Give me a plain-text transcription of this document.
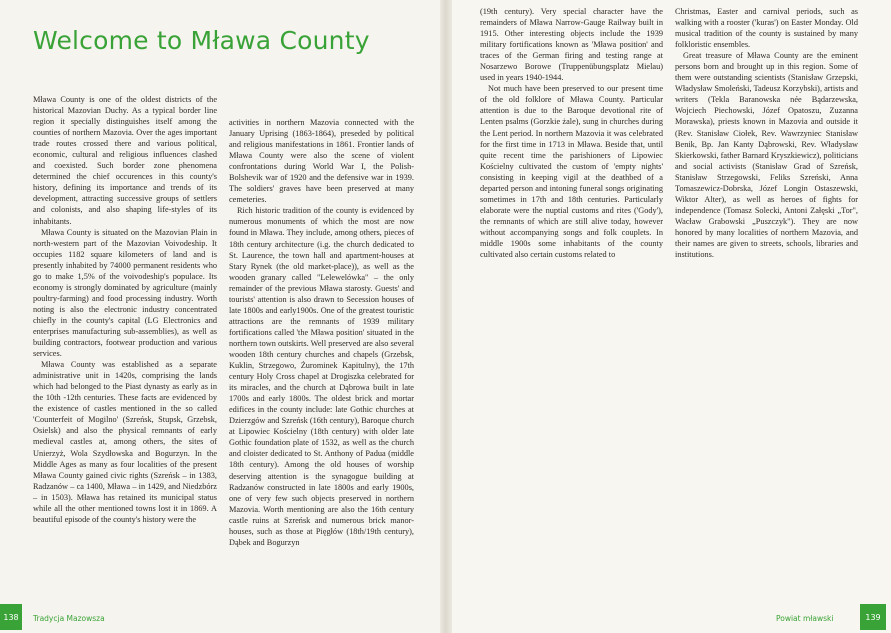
Welcome to Mława County

Mława County is one of the oldest districts of the historical Mazovian Duchy. As a typical border line region it specially distinguishes itself among the counties of northern Mazovia. Over the ages important trade routes crossed there and various political, economic, cultural and religious influences clashed and coexisted. Such border zone phenomena determined the chief occurences in this county's history, defining its importance and trends of its development, attracting successive groups of settlers and colonists, and also shaping life-styles of its inhabitants.

Mława County is situated on the Mazovian Plain in north-western part of the Mazovian Voivodeship. It occupies 1182 square kilometers of land and is presently inhabited by 74000 permanent residents who go to make 1,5% of the voivodeship's populace. Its economy is strongly dominated by agriculture (mainly poultry-farming) and food processing industry. Worth noting is also the electronic industry concentrated chiefly in the county's capital (LG Electronics and enterprises manufacturing sub-assemblies), as well as building contractors, footwear production and various services.

Mława County was established as a separate administrative unit in 1420s, comprising the lands which had belonged to the Piast dynasty as early as in the 10th -12th centuries. These facts are evidenced by the existence of castles mentioned in the so called 'Counterfeit of Mogilno' (Szreńsk, Stupsk, Grzebsk, Osielsk) and also the physical remnants of early medieval castles at, among others, the sites of Unierzyż, Wola Szydłowska and Bogurzyn. In the Middle Ages as many as four localities of the present Mława County gained civic rights (Szreńsk – in 1383, Radzanów – ca 1400, Mława – in 1429, and Niedzbórz – in 1503). Mława has retained its municipal status while all the other mentioned towns lost it in 1869. A beautiful episode of the county's history were the

activities in northern Mazovia connected with the January Uprising (1863-1864), preseded by political and religious manifestations in 1861. Frontier lands of Mława County were also the scene of violent confrontations during World War I, the Polish-Bolshevik war of 1920 and the defensive war in 1939. The soldiers' graves have been preserved at many cemeteries.

Rich historic tradition of the county is evidenced by numerous monuments of which the most are now found in Mława. They include, among others, pieces of 18th century architecture (i.g. the church dedicated to St. Laurence, the town hall and apartment-houses at Stary Rynek (the old market-place)), as well as the wooden granary called "Lelewelówka" – the only remainder of the previous Mława starosty. Guests' and tourists' attention is also drawn to Secession houses of late 1800s and early1900s. One of the greatest touristic attractions are the remnants of 1939 military fortifications called 'the Mława position' situated in the northern town outskirts. Well preserved are also several wooden 18th century churches and chapels (Grzebsk, Kuklin, Strzegowo, Żurominek Kapitulny), the 17th century Holy Cross chapel at Drogiszka celebrated for its miracles, and the church at Dąbrowa built in late 1700s and early 1800s. The oldest brick and mortar edifices in the county include: late Gothic churches at Dzierzgów and Szreńsk (16th century), Baroque church at Lipowiec Kościelny (18th century) with older late Gothic foundation plate of 1532, as well as the church and cloister dedicated to St. Anthony of Padua (middle 18th century). Among the old houses of worship deserving attention is the synagogue building at Radzanów constructed in late 1800s and early 1900s, one of very few such objects preserved in northern Mazovia. Worth mentioning are also the 16th century castle ruins at Szreńsk and numerous brick manor-houses, such as those at Pięgłów (18th/19th century), Dąbek and Bogurzyn

(19th century). Very special character have the remainders of Mława Narrow-Gauge Railway built in 1915. Other interesting objects include the 1939 military fortifications known as 'Mława position' and traces of the German firing and testing range at Nosarzewo Borowe (Truppenübungsplatz Mielau) used in years 1940-1944.

Not much have been preserved to our present time of the old folklore of Mława County. Particular attention is due to the Baroque devotional rite of Lenten psalms (Gorzkie żale), sung in churches during the Lent period. In northern Mazovia it was celebrated for the first time in 1713 in Mława. Beside that, until quite recent time the parishioners of Lipowiec Kościelny cultivated the custom of 'empty nights' consisting in keeping vigil at the deathbed of a departed person and intoning funeral songs originating sometimes in 17th and 18th centuries. Particularly elaborate were the nuptial customs and rites ('Gody'), the remnants of which are still alive today, however without accompanying songs and folk couplets. In middle 1900s some inhabitants of the county cultivated also certain customs related to

Christmas, Easter and carnival periods, such as walking with a rooster ('kuras') on Easter Monday. Old musical tradition of the county is sustained by many folkloristic ensembles.

Great treasure of Mława County are the eminent persons born and brought up in this region. Some of them were outstanding scientists (Stanisław Grzepski, Władysław Smoleński, Tadeusz Korzybski), artists and writers (Tekla Baranowska née Bądarzewska, Wojciech Piechowski, Józef Opatoszu, Zuzanna Morawska), priests known in Mazovia and outside it (Rev. Stanisław Ciołek, Rev. Wawrzyniec Stanisław Benik, Bp. Jan Kanty Dąbrowski, Rev. Władysław Skierkowski, father Barnard Kryszkiewicz), politicians and social activists (Stanisław Grad of Szreńsk, Stanisław Strzegowski, Feliks Szreński, Anna Tomaszewicz-Dobrska, Józef Longin Ostaszewski, Wiktor Alter), as well as heroes of fights for independence (Tomasz Solecki, Antoni Załęski „Tor", Wacław Grabowski „Puszczyk"). They are now honored by many localities of northern Mazovia, and their names are given to streets, schools, libraries and institutions.

138	Tradycja Mazowsza	Powiat mławski	139
